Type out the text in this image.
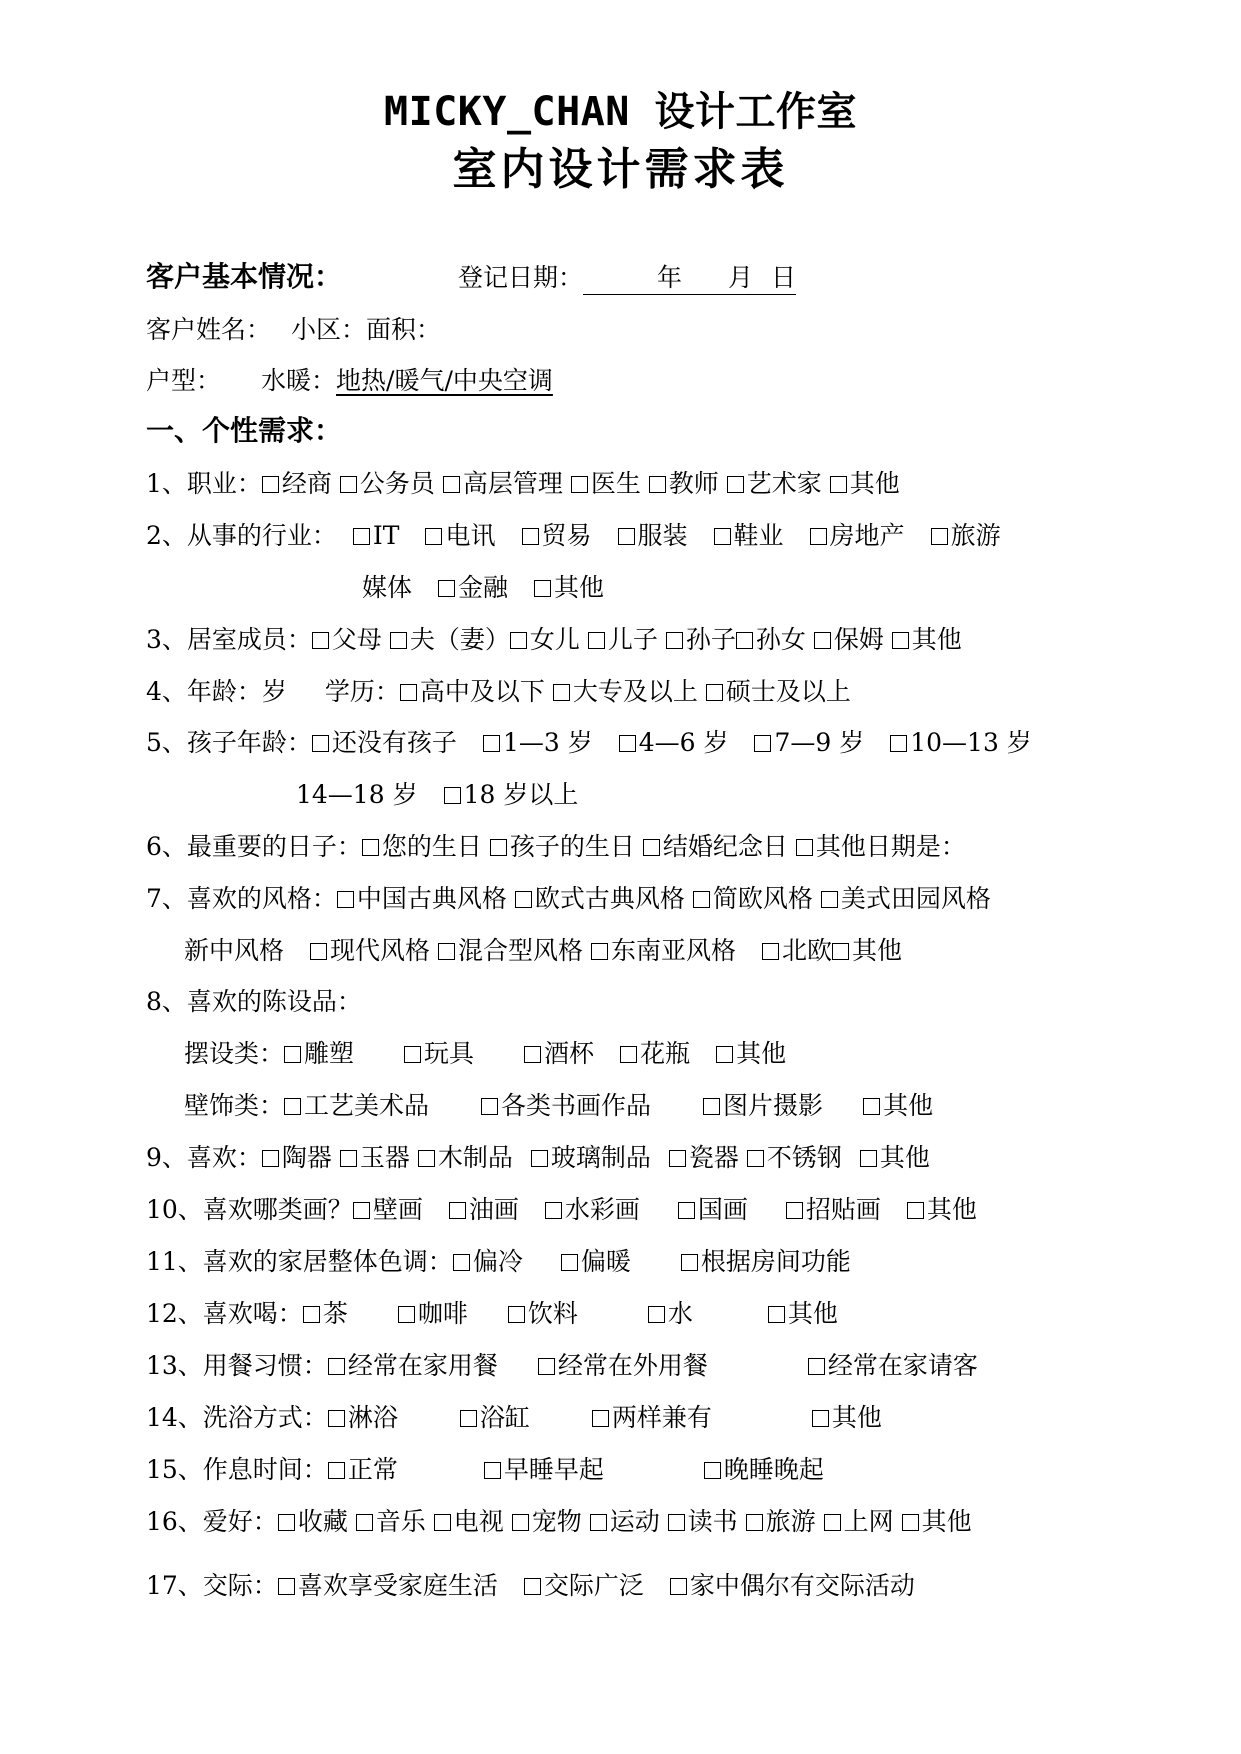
MICKY_CHAN 设计工作室
室内设计需求表
客户基本情况：	登记日期：	年 月 日
客户姓名： 小区：面积：
户型： 水暖：地热/暖气/中央空调
一、个性需求：
1、职业： 经商 公务员 高层管理 医生 教师 艺术家 其他
2、从事的行业： IT 电讯 贸易 服装 鞋业 房地产 旅游
媒体 金融 其他
3、居室成员： 父母 夫（妻） 女儿 儿子 孙子 孙女 保姆 其他
4、年龄：岁 学历： 高中及以下 大专及以上 硕士及以上
5、孩子年龄： 还没有孩子 1—3 岁 4—6 岁 7—9 岁 10—13 岁
14—18 岁 18 岁以上
6、最重要的日子： 您的生日 孩子的生日 结婚纪念日 其他日期是：
7、喜欢的风格： 中国古典风格 欧式古典风格 简欧风格 美式田园风格
新中风格 现代风格 混合型风格 东南亚风格 北欧 其他
8、喜欢的陈设品：
摆设类： 雕塑	玩具	酒杯 花瓶 其他
壁饰类： 工艺美术品	各类书画作品	图片摄影 其他
9、喜欢： 陶器 玉器 木制品 玻璃制品 瓷器 不锈钢 其他
10、喜欢哪类画？ 壁画 油画 水彩画 国画 招贴画 其他
11、喜欢的家居整体色调： 偏冷 偏暖	根据房间功能
12、喜欢喝： 茶	咖啡 饮料	水	其他
13、用餐习惯： 经常在家用餐 经常在外用餐	经常在家请客
14、洗浴方式： 淋浴	浴缸	两样兼有	其他
15、作息时间： 正常	早睡早起	晚睡晚起
16、爱好： 收藏 音乐 电视 宠物 运动 读书 旅游 上网 其他
17、交际： 喜欢享受家庭生活 交际广泛 家中偶尔有交际活动
